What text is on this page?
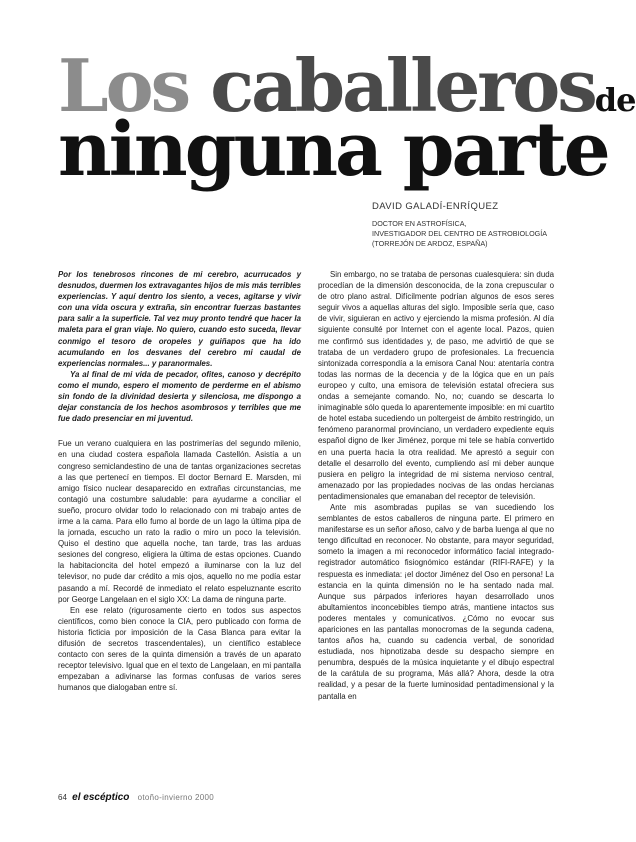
Los caballerosde
ninguna parte
DAVID GALADÍ-ENRÍQUEZ
DOCTOR EN ASTROFÍSICA,
INVESTIGADOR DEL CENTRO DE ASTROBIOLOGÍA
(TORREJÓN DE ARDOZ, ESPAÑA)

Por los tenebrosos rincones de mi cerebro, acurrucados y desnudos, duermen los extravagantes hijos de mis más terribles experiencias. Y aquí dentro los siento, a veces, agitarse y vivir con una vida oscura y extraña, sin encontrar fuerzas bastantes para salir a la superficie. Tal vez muy pronto tendré que hacer la maleta para el gran viaje. No quiero, cuando esto suceda, llevar conmigo el tesoro de oropeles y guiñapos que ha ido acumulando en los desvanes del cerebro mi caudal de experiencias normales... y paranormales.

Ya al final de mi vida de pecador, ofites, canoso y decrépito como el mundo, espero el momento de perderme en el abismo sin fondo de la divinidad desierta y silenciosa, me dispongo a dejar constancia de los hechos asombrosos y terribles que me fue dado presenciar en mi juventud.

Fue un verano cualquiera en las postrimerías del segundo milenio, en una ciudad costera española llamada Castellón. Asistía a un congreso semiclandestino de una de tantas organizaciones secretas a las que pertenecí en tiempos. El doctor Bernard E. Marsden, mi amigo físico nuclear desaparecido en extrañas circunstancias, me contagió una costumbre saludable: para ayudarme a conciliar el sueño, procuro olvidar todo lo relacionado con mi trabajo antes de irme a la cama. Para ello fumo al borde de un lago la última pipa de la jornada, escucho un rato la radio o miro un poco la televisión. Quiso el destino que aquella noche, tan tarde, tras las arduas sesiones del congreso, eligiera la última de estas opciones. Cuando la habitacioncita del hotel empezó a iluminarse con la luz del televisor, no pude dar crédito a mis ojos, aquello no me podía estar pasando a mí. Recordé de inmediato el relato espeluznante escrito por George Langelaan en el siglo XX: La dama de ninguna parte.

En ese relato (rigurosamente cierto en todos sus aspectos científicos, como bien conoce la CIA, pero publicado con forma de historia ficticia por imposición de la Casa Blanca para evitar la difusión de secretos trascendentales), un científico establece contacto con seres de la quinta dimensión a través de un aparato receptor televisivo. Igual que en el texto de Langelaan, en mi pantalla empezaban a adivinarse las formas confusas de varios seres humanos que dialogaban entre sí.

Sin embargo, no se trataba de personas cualesquiera: sin duda procedían de la dimensión desconocida, de la zona crepuscular o de otro plano astral. Difícilmente podrían algunos de esos seres seguir vivos a aquellas alturas del siglo. Imposible sería que, caso de vivir, siguieran en activo y ejerciendo la misma profesión. Al día siguiente consulté por Internet con el agente local. Pazos, quien me confirmó sus identidades y, de paso, me advirtió de que se trataba de un verdadero grupo de profesionales. La frecuencia sintonizada correspondía a la emisora Canal Nou: atentaría contra todas las normas de la decencia y de la lógica que en un país europeo y culto, una emisora de televisión estatal ofreciera sus ondas a semejante comando. No, no; cuando se descarta lo inimaginable sólo queda lo aparentemente imposible: en mi cuartito de hotel estaba sucediendo un poltergeist de ámbito restringido, un fenómeno paranormal provinciano, un verdadero expediente equis español digno de Iker Jiménez, porque mi tele se había convertido en una puerta hacia la otra realidad. Me aprestó a seguir con detalle el desarrollo del evento, cumpliendo así mi deber aunque pusiera en peligro la integridad de mi sistema nervioso central, amenazado por las propiedades nocivas de las ondas hercianas pentadimensionales que emanaban del receptor de televisión.

Ante mis asombradas pupilas se van sucediendo los semblantes de estos caballeros de ninguna parte. El primero en manifestarse es un señor añoso, calvo y de barba luenga al que no tengo dificultad en reconocer. No obstante, para mayor seguridad, someto la imagen a mi reconocedor informático facial integrado-registrador automático fisiognómico estándar (RIFI-RAFE) y la respuesta es inmediata: ¡el doctor Jiménez del Oso en persona! La estancia en la quinta dimensión no le ha sentado nada mal. Aunque sus párpados inferiores hayan desarrollado unos abultamientos inconcebibles tiempo atrás, mantiene intactos sus poderes mentales y comunicativos. ¿Cómo no evocar sus apariciones en las pantallas monocromas de la segunda cadena, tantos años ha, cuando su cadencia verbal, de sonoridad estudiada, nos hipnotizaba desde su despacho siempre en penumbra, después de la música inquietante y el dibujo espectral de la carátula de su programa, Más allá? Ahora, desde la otra realidad, y a pesar de la fuerte luminosidad pentadimensional y la pantalla en

64 el escéptico otoño-invierno 2000
